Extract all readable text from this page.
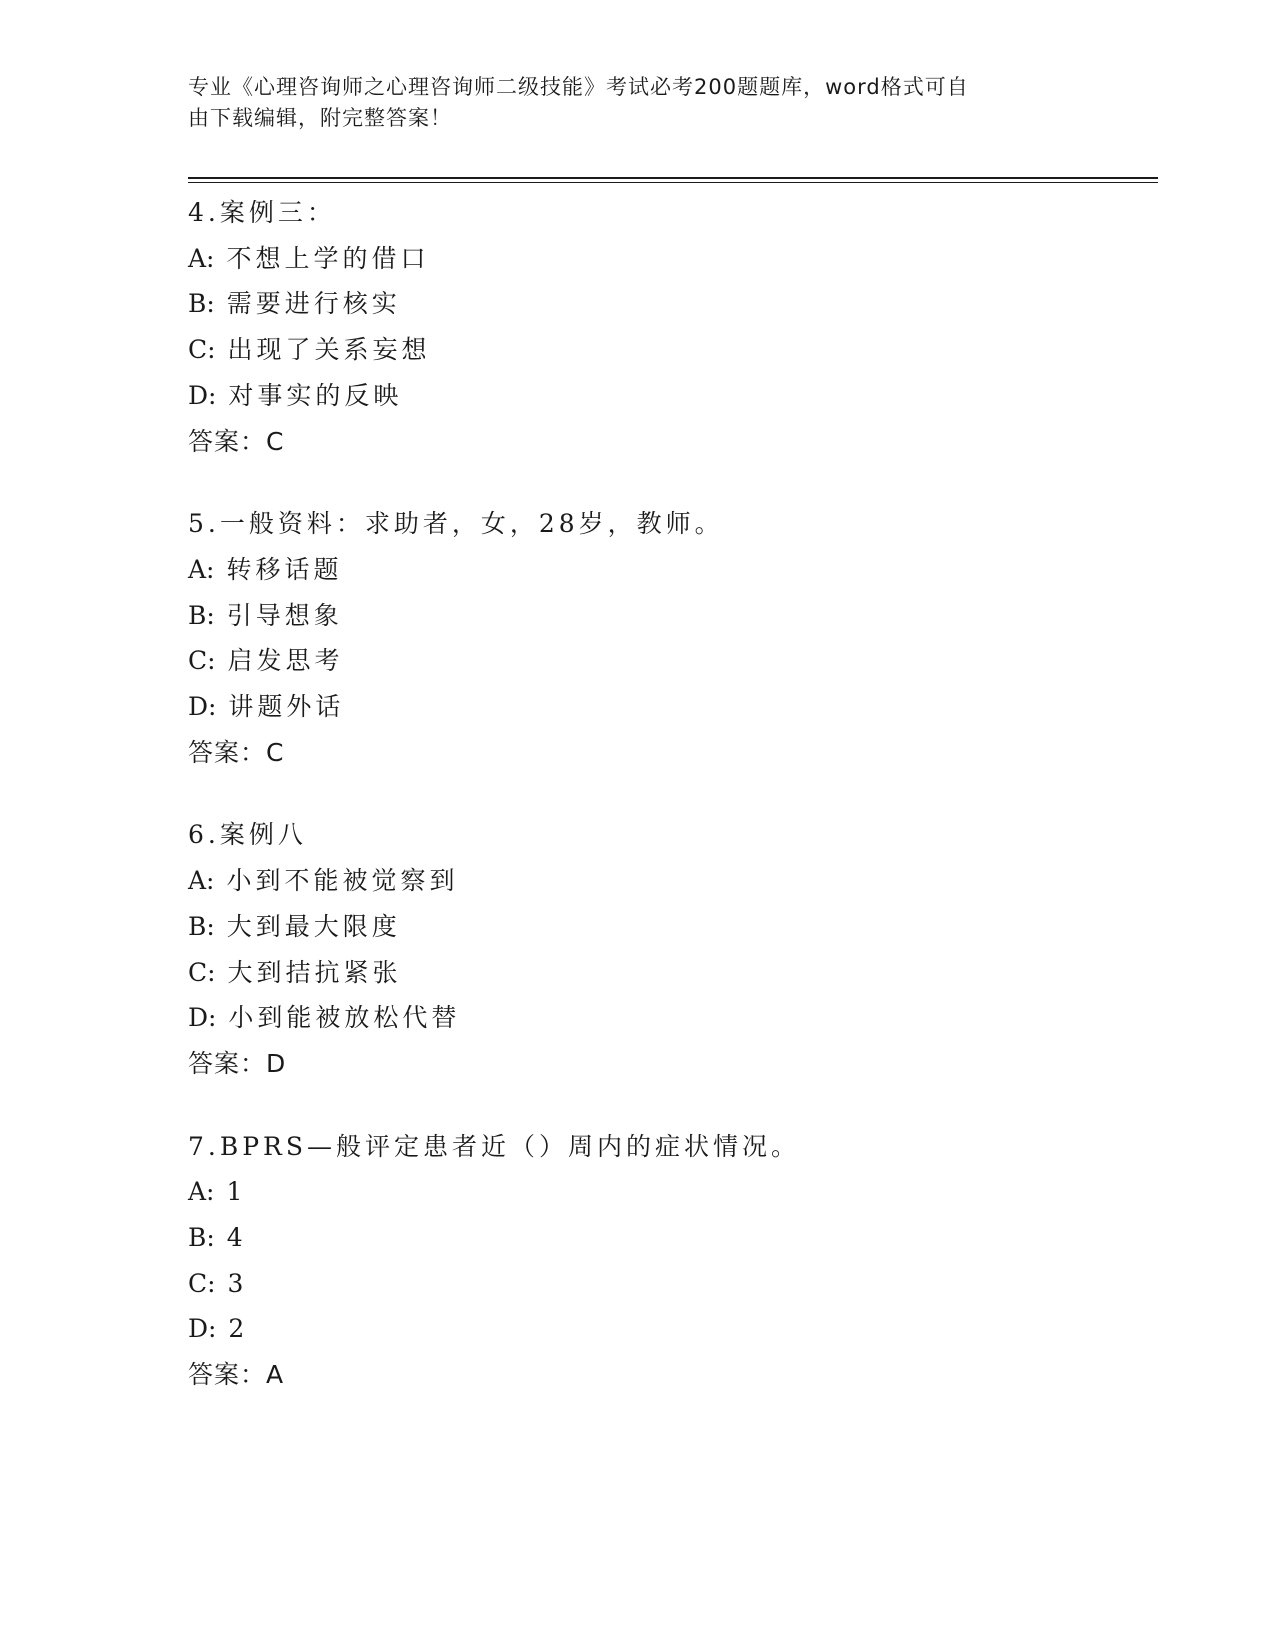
专业《心理咨询师之心理咨询师二级技能》考试必考200题题库，word格式可自
由下载编辑，附完整答案！
4.案例三：
A: 不想上学的借口
B: 需要进行核实
C: 出现了关系妄想
D: 对事实的反映
答案：C
5.一般资料：求助者，女，28岁，教师。
A: 转移话题
B: 引导想象
C: 启发思考
D: 讲题外话
答案：C
6.案例八
A: 小到不能被觉察到
B: 大到最大限度
C: 大到拮抗紧张
D: 小到能被放松代替
答案：D
7.BPRS—般评定患者近（）周内的症状情况。
A: 1
B: 4
C: 3
D: 2
答案：A
